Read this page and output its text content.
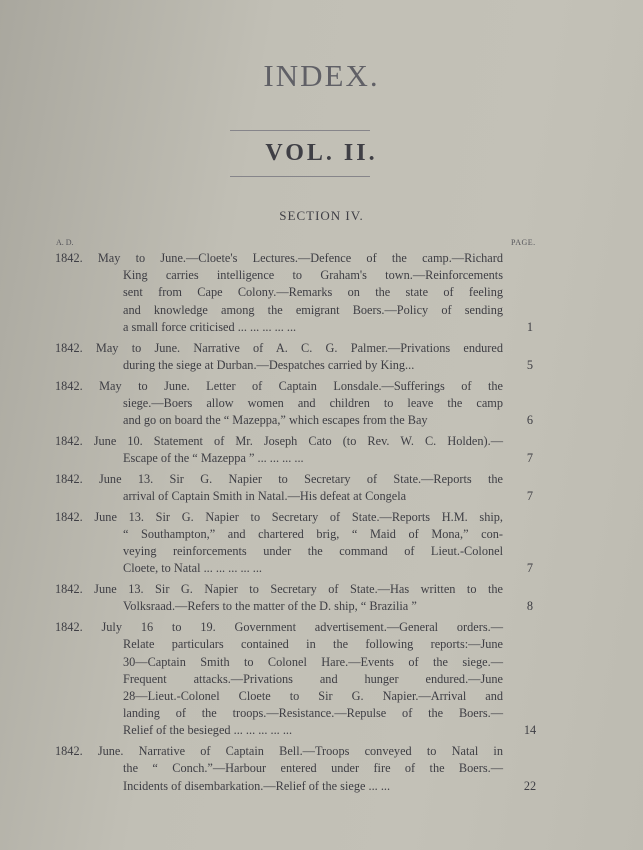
INDEX.
VOL. II.
SECTION IV.
A. D.	PAGE.
1842. May to June.—Cloete's Lectures.—Defence of the camp.—Richard
King carries intelligence to Graham's town.—Reinforcements
sent from Cape Colony.—Remarks on the state of feeling
and knowledge among the emigrant Boers.—Policy of sending
a small force criticised ... ... ... ... ...	1
1842. May to June. Narrative of A. C. G. Palmer.—Privations endured
during the siege at Durban.—Despatches carried by King...	5
1842. May to June. Letter of Captain Lonsdale.—Sufferings of the
siege.—Boers allow women and children to leave the camp
and go on board the “ Mazeppa,” which escapes from the Bay	6
1842. June 10. Statement of Mr. Joseph Cato (to Rev. W. C. Holden).—
Escape of the “ Mazeppa ” ... ... ... ...	7
1842. June 13. Sir G. Napier to Secretary of State.—Reports the
arrival of Captain Smith in Natal.—His defeat at Congela	7
1842. June 13. Sir G. Napier to Secretary of State.—Reports H.M. ship,
“ Southampton,” and chartered brig, “ Maid of Mona,” con-
veying reinforcements under the command of Lieut.-Colonel
Cloete, to Natal ... ... ... ... ...	7
1842. June 13. Sir G. Napier to Secretary of State.—Has written to the
Volksraad.—Refers to the matter of the D. ship, “ Brazilia ”	8
1842. July 16 to 19. Government advertisement.—General orders.—
Relate particulars contained in the following reports:—June
30—Captain Smith to Colonel Hare.—Events of the siege.—
Frequent attacks.—Privations and hunger endured.—June
28—Lieut.-Colonel Cloete to Sir G. Napier.—Arrival and
landing of the troops.—Resistance.—Repulse of the Boers.—
Relief of the besieged ... ... ... ... ...	14
1842. June. Narrative of Captain Bell.—Troops conveyed to Natal in
the “ Conch.”—Harbour entered under fire of the Boers.—
Incidents of disembarkation.—Relief of the siege ... ...	22
